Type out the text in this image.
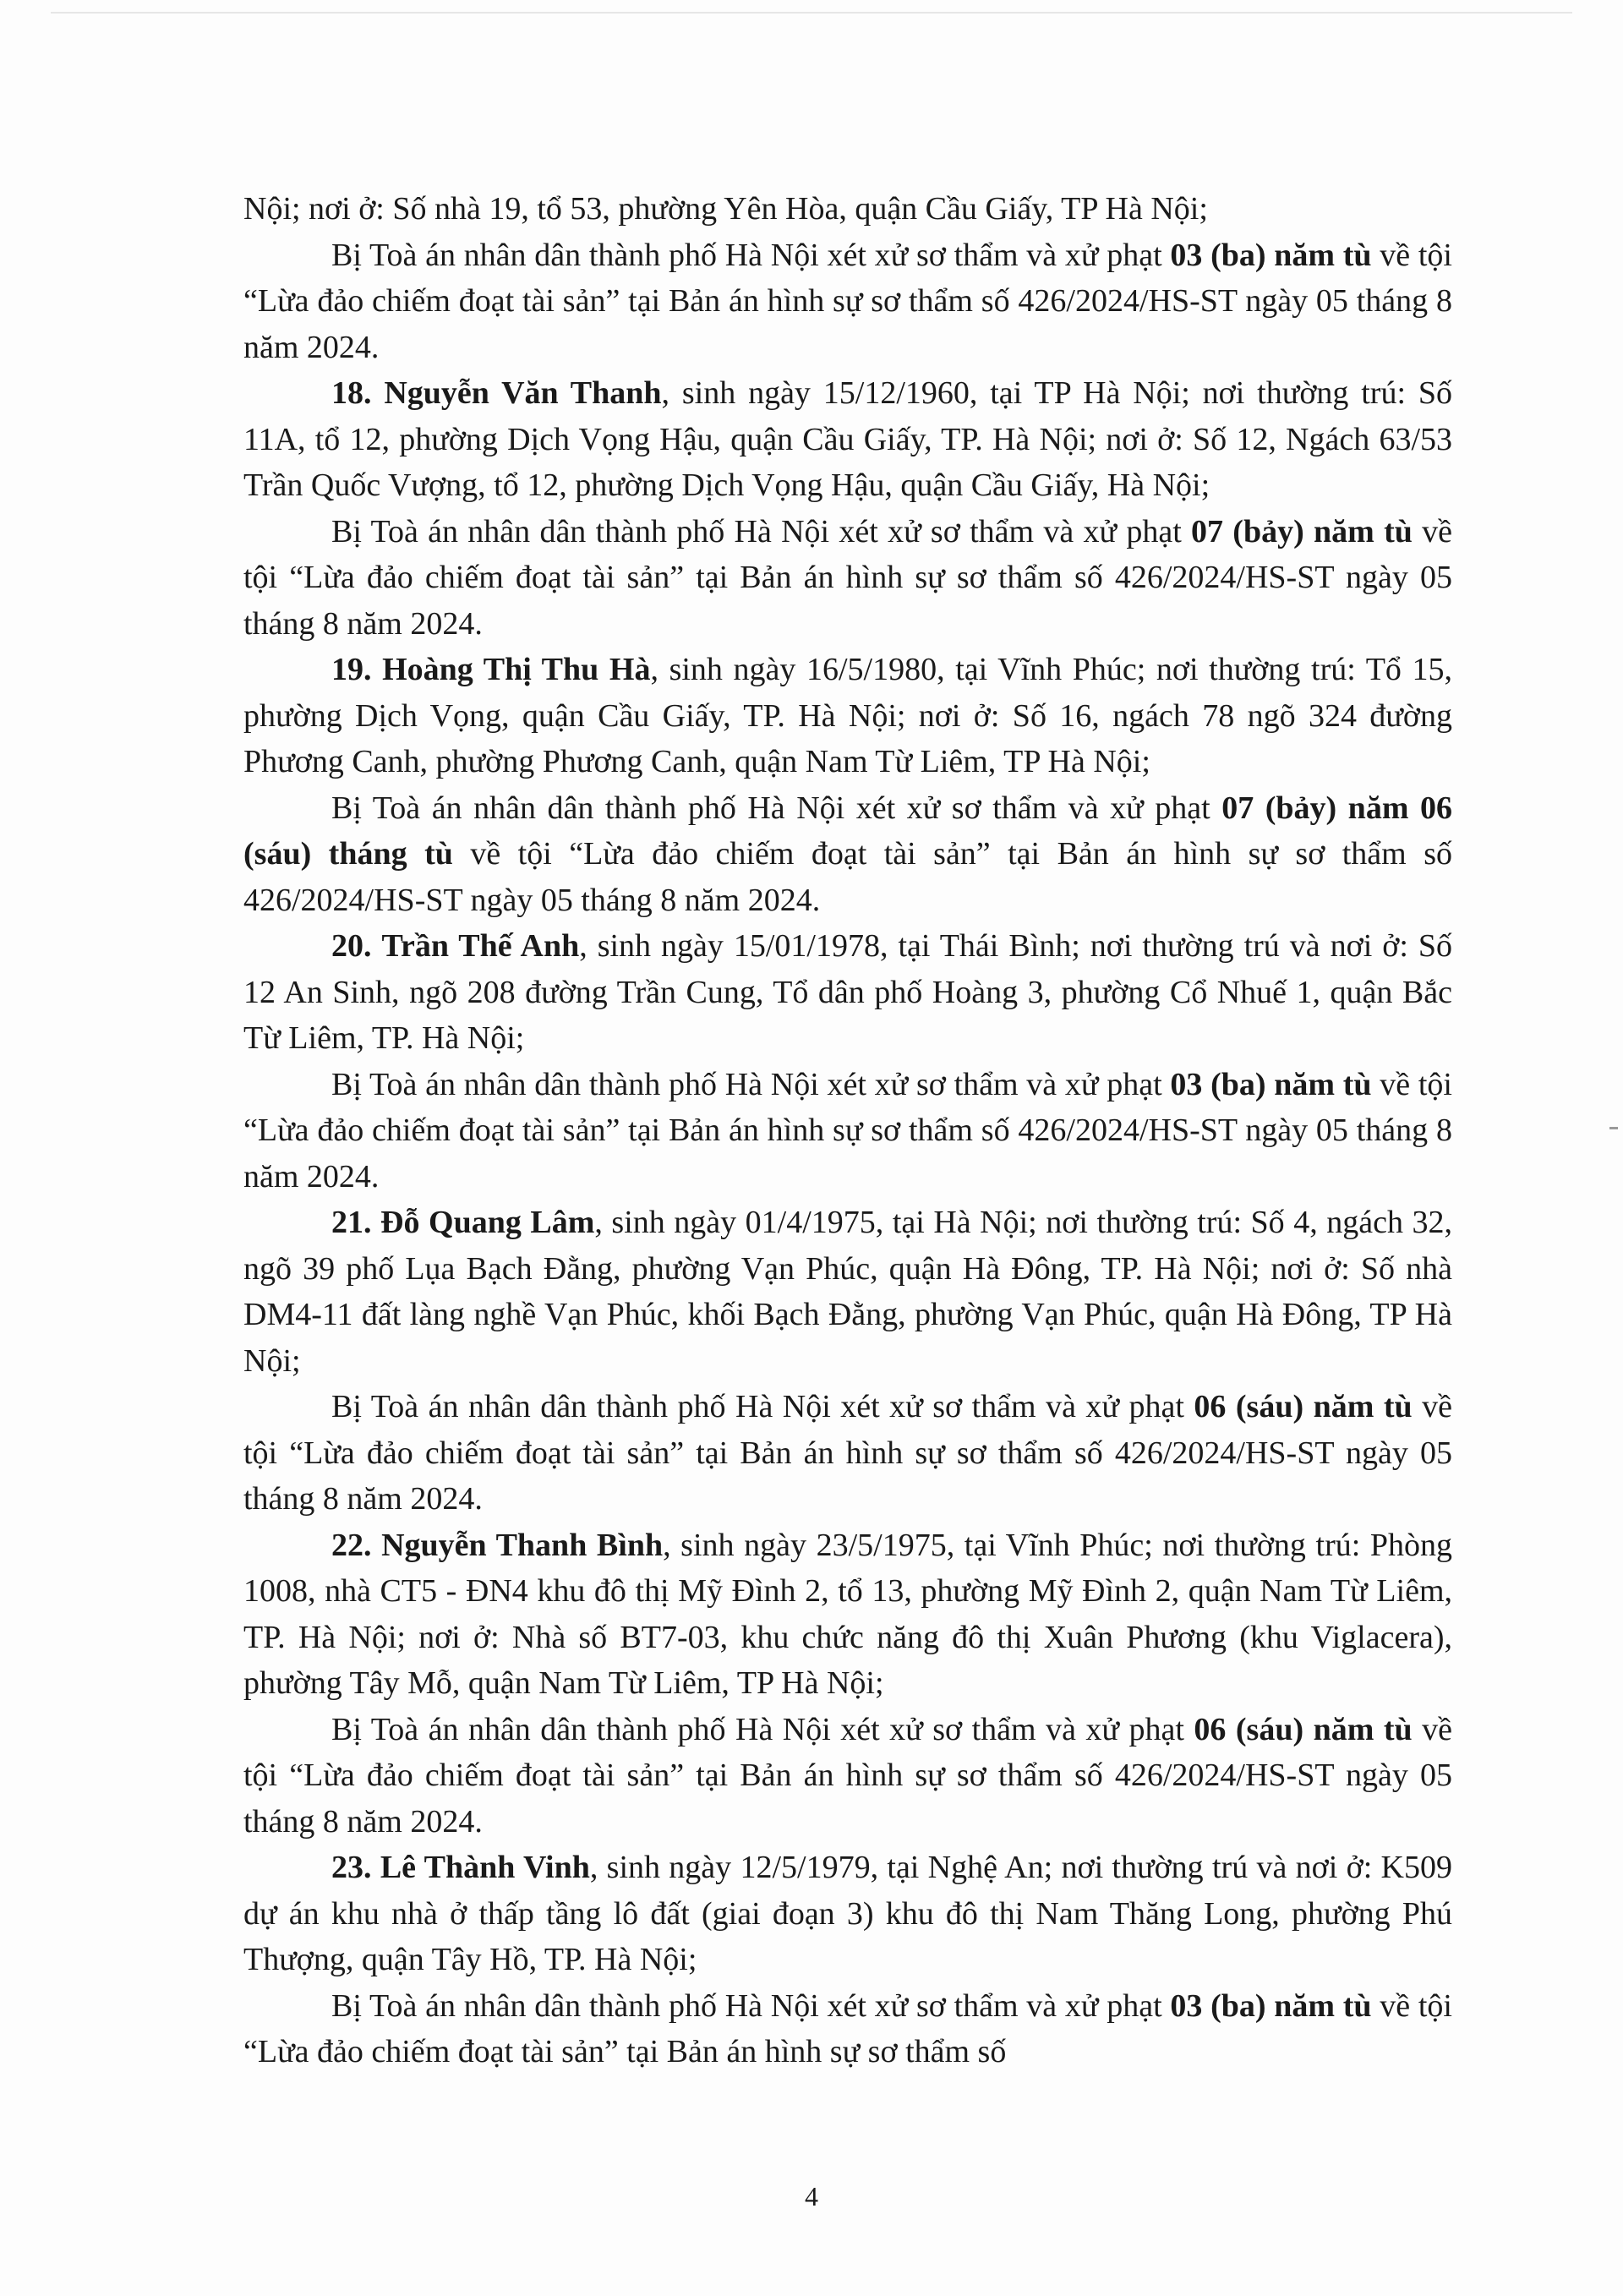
Nội; nơi ở: Số nhà 19, tổ 53, phường Yên Hòa, quận Cầu Giấy, TP Hà Nội;

Bị Toà án nhân dân thành phố Hà Nội xét xử sơ thẩm và xử phạt 03 (ba) năm tù về tội “Lừa đảo chiếm đoạt tài sản” tại Bản án hình sự sơ thẩm số 426/2024/HS-ST ngày 05 tháng 8 năm 2024.

18. Nguyễn Văn Thanh, sinh ngày 15/12/1960, tại TP Hà Nội; nơi thường trú: Số 11A, tổ 12, phường Dịch Vọng Hậu, quận Cầu Giấy, TP. Hà Nội; nơi ở: Số 12, Ngách 63/53 Trần Quốc Vượng, tổ 12, phường Dịch Vọng Hậu, quận Cầu Giấy, Hà Nội;

Bị Toà án nhân dân thành phố Hà Nội xét xử sơ thẩm và xử phạt 07 (bảy) năm tù về tội “Lừa đảo chiếm đoạt tài sản” tại Bản án hình sự sơ thẩm số 426/2024/HS-ST ngày 05 tháng 8 năm 2024.

19. Hoàng Thị Thu Hà, sinh ngày 16/5/1980, tại Vĩnh Phúc; nơi thường trú: Tổ 15, phường Dịch Vọng, quận Cầu Giấy, TP. Hà Nội; nơi ở: Số 16, ngách 78 ngõ 324 đường Phương Canh, phường Phương Canh, quận Nam Từ Liêm, TP Hà Nội;

Bị Toà án nhân dân thành phố Hà Nội xét xử sơ thẩm và xử phạt 07 (bảy) năm 06 (sáu) tháng tù về tội “Lừa đảo chiếm đoạt tài sản” tại Bản án hình sự sơ thẩm số 426/2024/HS-ST ngày 05 tháng 8 năm 2024.

20. Trần Thế Anh, sinh ngày 15/01/1978, tại Thái Bình; nơi thường trú và nơi ở: Số 12 An Sinh, ngõ 208 đường Trần Cung, Tổ dân phố Hoàng 3, phường Cổ Nhuế 1, quận Bắc Từ Liêm, TP. Hà Nội;

Bị Toà án nhân dân thành phố Hà Nội xét xử sơ thẩm và xử phạt 03 (ba) năm tù về tội “Lừa đảo chiếm đoạt tài sản” tại Bản án hình sự sơ thẩm số 426/2024/HS-ST ngày 05 tháng 8 năm 2024.

21. Đỗ Quang Lâm, sinh ngày 01/4/1975, tại Hà Nội; nơi thường trú: Số 4, ngách 32, ngõ 39 phố Lụa Bạch Đằng, phường Vạn Phúc, quận Hà Đông, TP. Hà Nội; nơi ở: Số nhà DM4-11 đất làng nghề Vạn Phúc, khối Bạch Đằng, phường Vạn Phúc, quận Hà Đông, TP Hà Nội;

Bị Toà án nhân dân thành phố Hà Nội xét xử sơ thẩm và xử phạt 06 (sáu) năm tù về tội “Lừa đảo chiếm đoạt tài sản” tại Bản án hình sự sơ thẩm số 426/2024/HS-ST ngày 05 tháng 8 năm 2024.

22. Nguyễn Thanh Bình, sinh ngày 23/5/1975, tại Vĩnh Phúc; nơi thường trú: Phòng 1008, nhà CT5 - ĐN4 khu đô thị Mỹ Đình 2, tổ 13, phường Mỹ Đình 2, quận Nam Từ Liêm, TP. Hà Nội; nơi ở: Nhà số BT7-03, khu chức năng đô thị Xuân Phương (khu Viglacera), phường Tây Mỗ, quận Nam Từ Liêm, TP Hà Nội;

Bị Toà án nhân dân thành phố Hà Nội xét xử sơ thẩm và xử phạt 06 (sáu) năm tù về tội “Lừa đảo chiếm đoạt tài sản” tại Bản án hình sự sơ thẩm số 426/2024/HS-ST ngày 05 tháng 8 năm 2024.

23. Lê Thành Vinh, sinh ngày 12/5/1979, tại Nghệ An; nơi thường trú và nơi ở: K509 dự án khu nhà ở thấp tầng lô đất (giai đoạn 3) khu đô thị Nam Thăng Long, phường Phú Thượng, quận Tây Hồ, TP. Hà Nội;

Bị Toà án nhân dân thành phố Hà Nội xét xử sơ thẩm và xử phạt 03 (ba) năm tù về tội “Lừa đảo chiếm đoạt tài sản” tại Bản án hình sự sơ thẩm số

4
